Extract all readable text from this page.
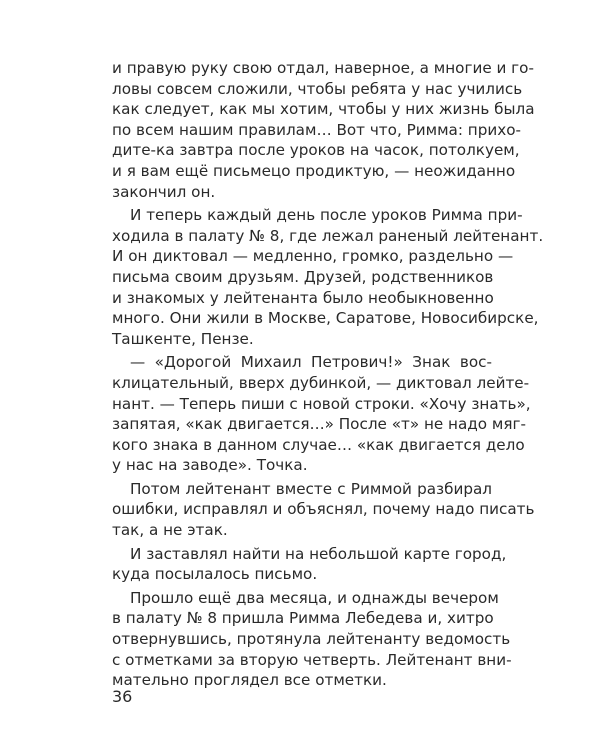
и правую руку свою отдал, наверное, а многие и го-
ловы совсем сложили, чтобы ребята у нас учились
как следует, как мы хотим, чтобы у них жизнь была
по всем нашим правилам… Вот что, Римма: прихо-
дите-ка завтра после уроков на часок, потолкуем,
и я вам ещё письмецо продиктую, — неожиданно
закончил он.
И теперь каждый день после уроков Римма при-
ходила в палату № 8, где лежал раненый лейтенант.
И он диктовал — медленно, громко, раздельно —
письма своим друзьям. Друзей, родственников
и знакомых у лейтенанта было необыкновенно
много. Они жили в Москве, Саратове, Новосибирске,
Ташкенте, Пензе.
— «Дорогой Михаил Петрович!» Знак вос-
клицательный, вверх дубинкой, — диктовал лейте-
нант. — Теперь пиши с новой строки. «Хочу знать»,
запятая, «как двигается…» После «т» не надо мяг-
кого знака в данном случае… «как двигается дело
у нас на заводе». Точка.
Потом лейтенант вместе с Риммой разбирал
ошибки, исправлял и объяснял, почему надо писать
так, а не этак.
И заставлял найти на небольшой карте город,
куда посылалось письмо.
Прошло ещё два месяца, и однажды вечером
в палату № 8 пришла Римма Лебедева и, хитро
отвернувшись, протянула лейтенанту ведомость
с отметками за вторую четверть. Лейтенант вни-
мательно проглядел все отметки.
36
